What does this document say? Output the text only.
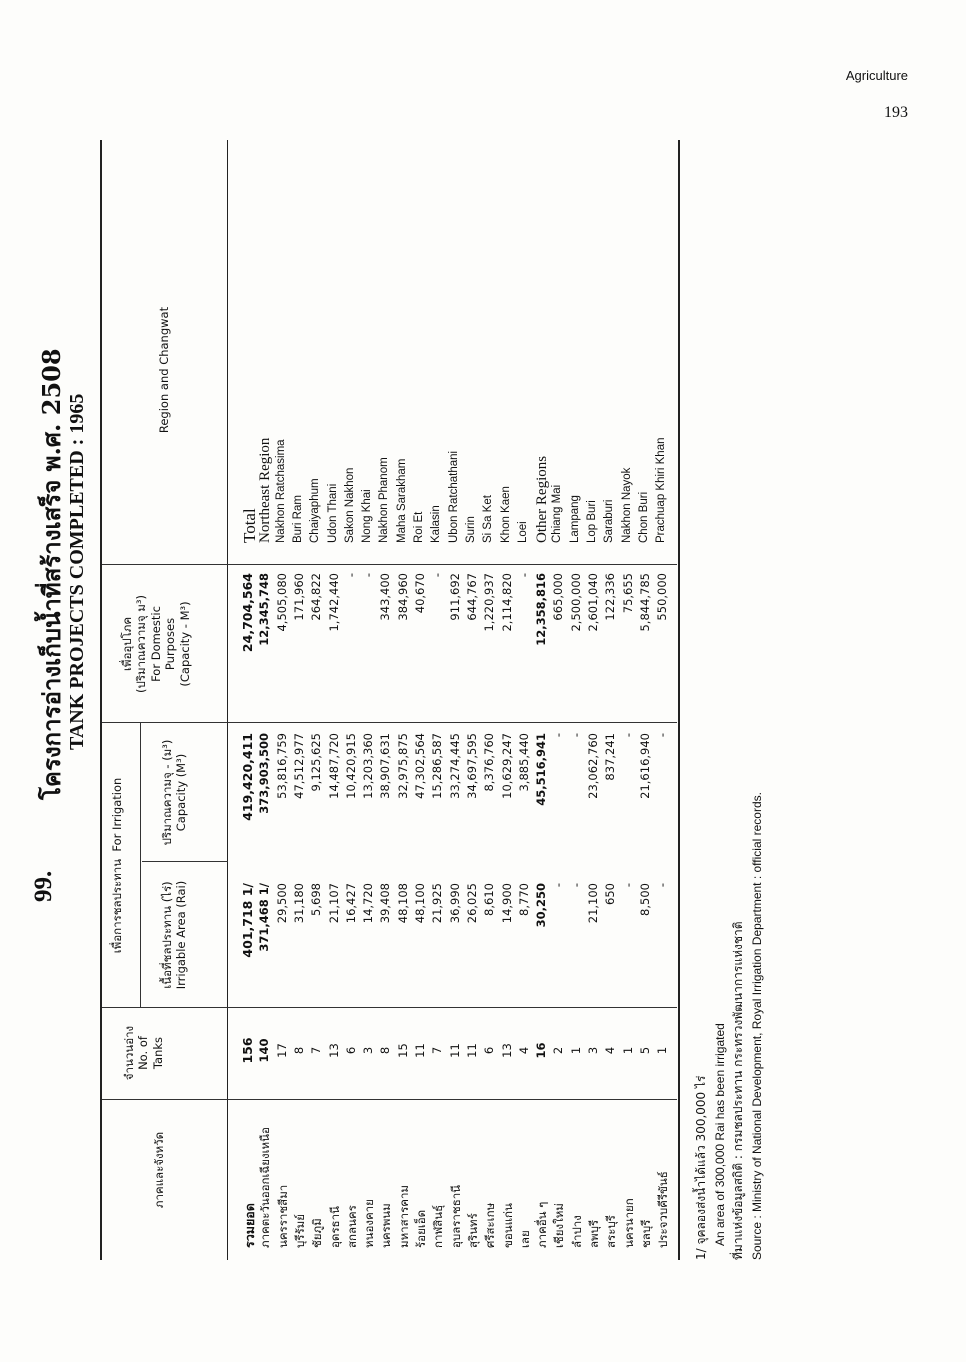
Agriculture
193
99.
โครงการอ่างเก็บน้ำที่สร้างเสร็จ พ.ศ. 2508 TANK PROJECTS COMPLETED : 1965
ภาคและจังหวัด
จำนวนอ่าง No. of Tanks
เพื่อการชลประทาน  For Irrigation
เนื้อที่ชลประทาน (ไร่) Irrigable Area (Rai)
ปริมาณความจุ - (ม³) Capacity (M³)
เพื่ออุปโภค (ปริมาณความจุ ม³) For Domestic Purposes (Capacity - M³)
Region and Changwat
รวมยอด
156
401,718 1/
419,420,411
24,704,564
Total
ภาคตะวันออกเฉียงเหนือ
140
371,468 1/
373,903,500
12,345,748
Northeast Region
นครราชสีมา
17
29,500
53,816,759
4,505,080
Nakhon Ratchasima
บุรีรัมย์
8
31,180
47,512,977
171,960
Buri Ram
ชัยภูมิ
7
5,698
9,125,625
264,822
Chaiyaphum
อุดรธานี
13
21,107
14,487,720
1,742,440
Udon Thani
สกลนคร
6
16,427
10,420,915
-
Sakon Nakhon
หนองคาย
3
14,720
13,203,360
-
Nong Khai
นครพนม
8
39,408
38,907,631
343,400
Nakhon Phanom
มหาสารคาม
15
48,108
32,975,875
384,960
Maha Sarakham
ร้อยเอ็ด
11
48,100
47,302,564
40,670
Roi Et
กาฬสินธุ์
7
21,925
15,286,587
-
Kalasin
อุบลราชธานี
11
36,990
33,274,445
911,692
Ubon Ratchathani
สุรินทร์
11
26,025
34,697,595
644,767
Surin
ศรีสะเกษ
6
8,610
8,376,760
1,220,937
Si Sa Ket
ขอนแก่น
13
14,900
10,629,247
2,114,820
Khon Kaen
เลย
4
8,770
3,885,440
-
Loei
ภาคอื่น ๆ
16
30,250
45,516,941
12,358,816
Other Regions
เชียงใหม่
2
-
-
665,000
Chiang Mai
ลำปาง
1
-
-
2,500,000
Lampang
ลพบุรี
3
21,100
23,062,760
2,601,040
Lop Buri
สระบุรี
4
650
837,241
122,336
Saraburi
นครนายก
1
-
-
75,655
Nakhon Nayok
ชลบุรี
5
8,500
21,616,940
5,844,785
Chon Buri
ประจวบคีรีขันธ์
1
-
-
550,000
Prachuap Khiri Khan
1/ จุคลองส่งน้ำได้แล้ว 300,000 ไร่ An area of 300,000 Rai has been irrigated ที่มาแห่งข้อมูลสถิติ : กรมชลประทาน กระทรวงพัฒนาการแห่งชาติ Source : Ministry of National Development, Royal Irrigation Department : official records.
